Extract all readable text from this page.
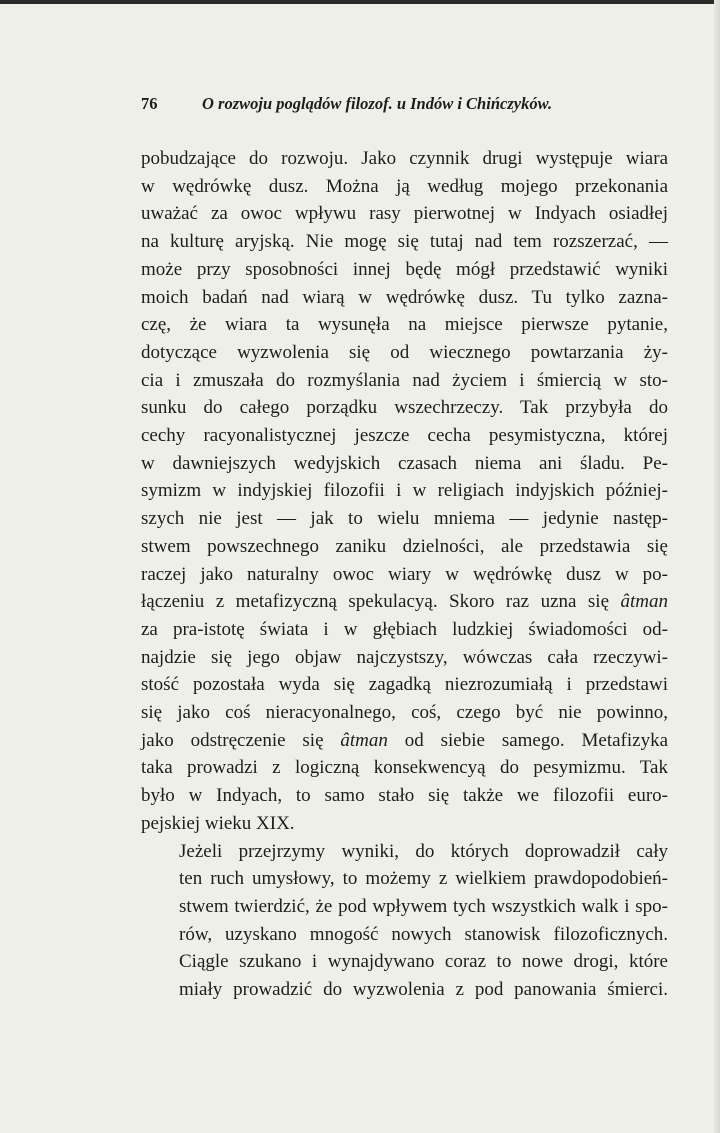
76	O rozwoju poglądów filozof. u Indów i Chińczyków.

pobudzające do rozwoju. Jako czynnik drugi występuje wiara
w wędrówkę dusz. Można ją według mojego przekonania
uważać za owoc wpływu rasy pierwotnej w Indyach osiadłej
na kulturę aryjską. Nie mogę się tutaj nad tem rozszerzać, —
może przy sposobności innej będę mógł przedstawić wyniki
moich badań nad wiarą w wędrówkę dusz. Tu tylko zazna-
czę, że wiara ta wysunęła na miejsce pierwsze pytanie,
dotyczące wyzwolenia się od wiecznego powtarzania ży-
cia i zmuszała do rozmyślania nad życiem i śmiercią w sto-
sunku do całego porządku wszechrzeczy. Tak przybyła do
cechy racyonalistycznej jeszcze cecha pesymistyczna, której
w dawniejszych wedyjskich czasach niema ani śladu. Pe-
symizm w indyjskiej filozofii i w religiach indyjskich później-
szych nie jest — jak to wielu mniema — jedynie następ-
stwem powszechnego zaniku dzielności, ale przedstawia się
raczej jako naturalny owoc wiary w wędrówkę dusz w po-
łączeniu z metafizyczną spekulacyą. Skoro raz uzna się âtman
za pra-istotę świata i w głębiach ludzkiej świadomości od-
najdzie się jego objaw najczystszy, wówczas cała rzeczywi-
stość pozostała wyda się zagadką niezrozumiałą i przedstawi
się jako coś nieracyonalnego, coś, czego być nie powinno,
jako odstręczenie się âtman od siebie samego. Metafizyka
taka prowadzi z logiczną konsekwencyą do pesymizmu. Tak
było w Indyach, to samo stało się także we filozofii euro-
pejskiej wieku XIX.

Jeżeli przejrzymy wyniki, do których doprowadził cały
ten ruch umysłowy, to możemy z wielkiem prawdopodobień-
stwem twierdzić, że pod wpływem tych wszystkich walk i spo-
rów, uzyskano mnogość nowych stanowisk filozoficznych.
Ciągle szukano i wynajdywano coraz to nowe drogi, które
miały prowadzić do wyzwolenia z pod panowania śmierci.
